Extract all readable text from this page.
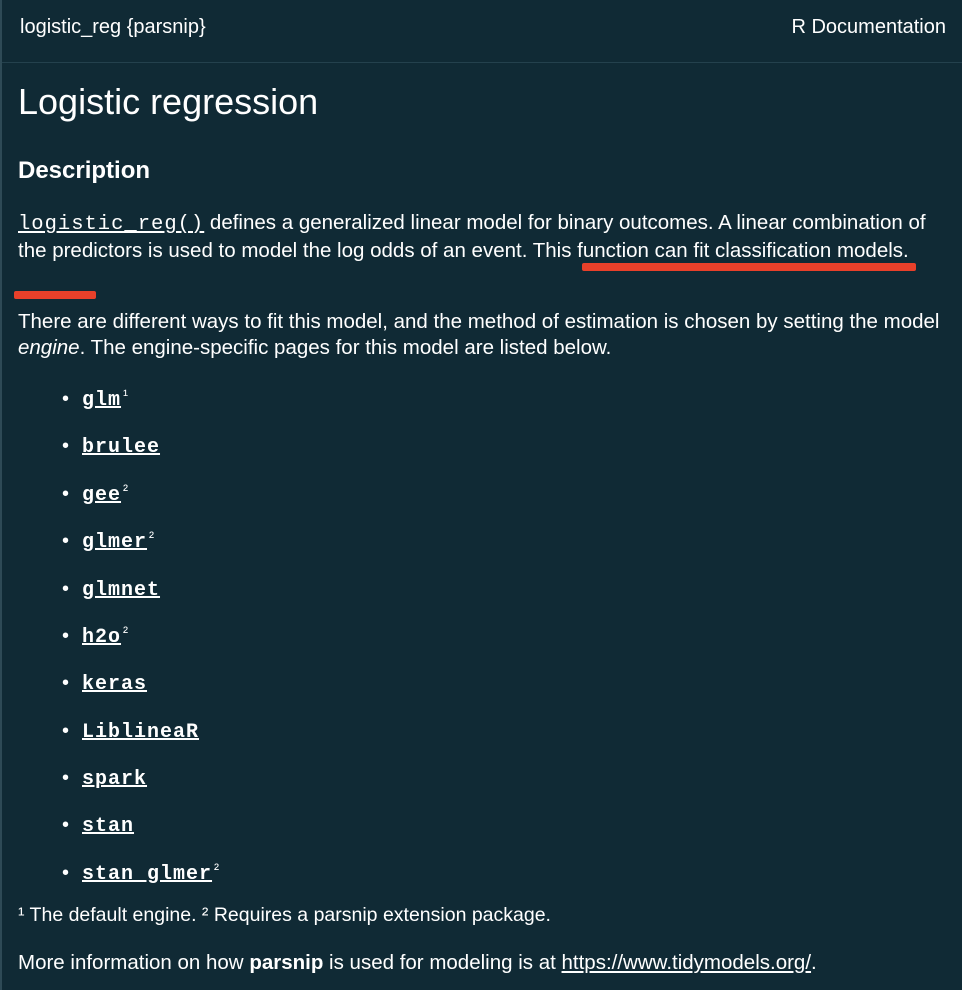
logistic_reg {parsnip}	R Documentation
Logistic regression
Description

logistic_reg() defines a generalized linear model for binary outcomes. A linear combination of the predictors is used to model the log odds of an event. This function can fit classification models.

There are different ways to fit this model, and the method of estimation is chosen by setting the model engine. The engine-specific pages for this model are listed below.

• glm $^{^1}$
• brulee
• gee $^{^2}$
• glmer $^{^2}$
• glmnet
• h2o $^{^2}$
• keras
• LiblineaR
• spark
• stan
• stan_glmer $^{^2}$
¹ The default engine. ² Requires a parsnip extension package.
More information on how parsnip is used for modeling is at https://www.tidymodels.org/.
